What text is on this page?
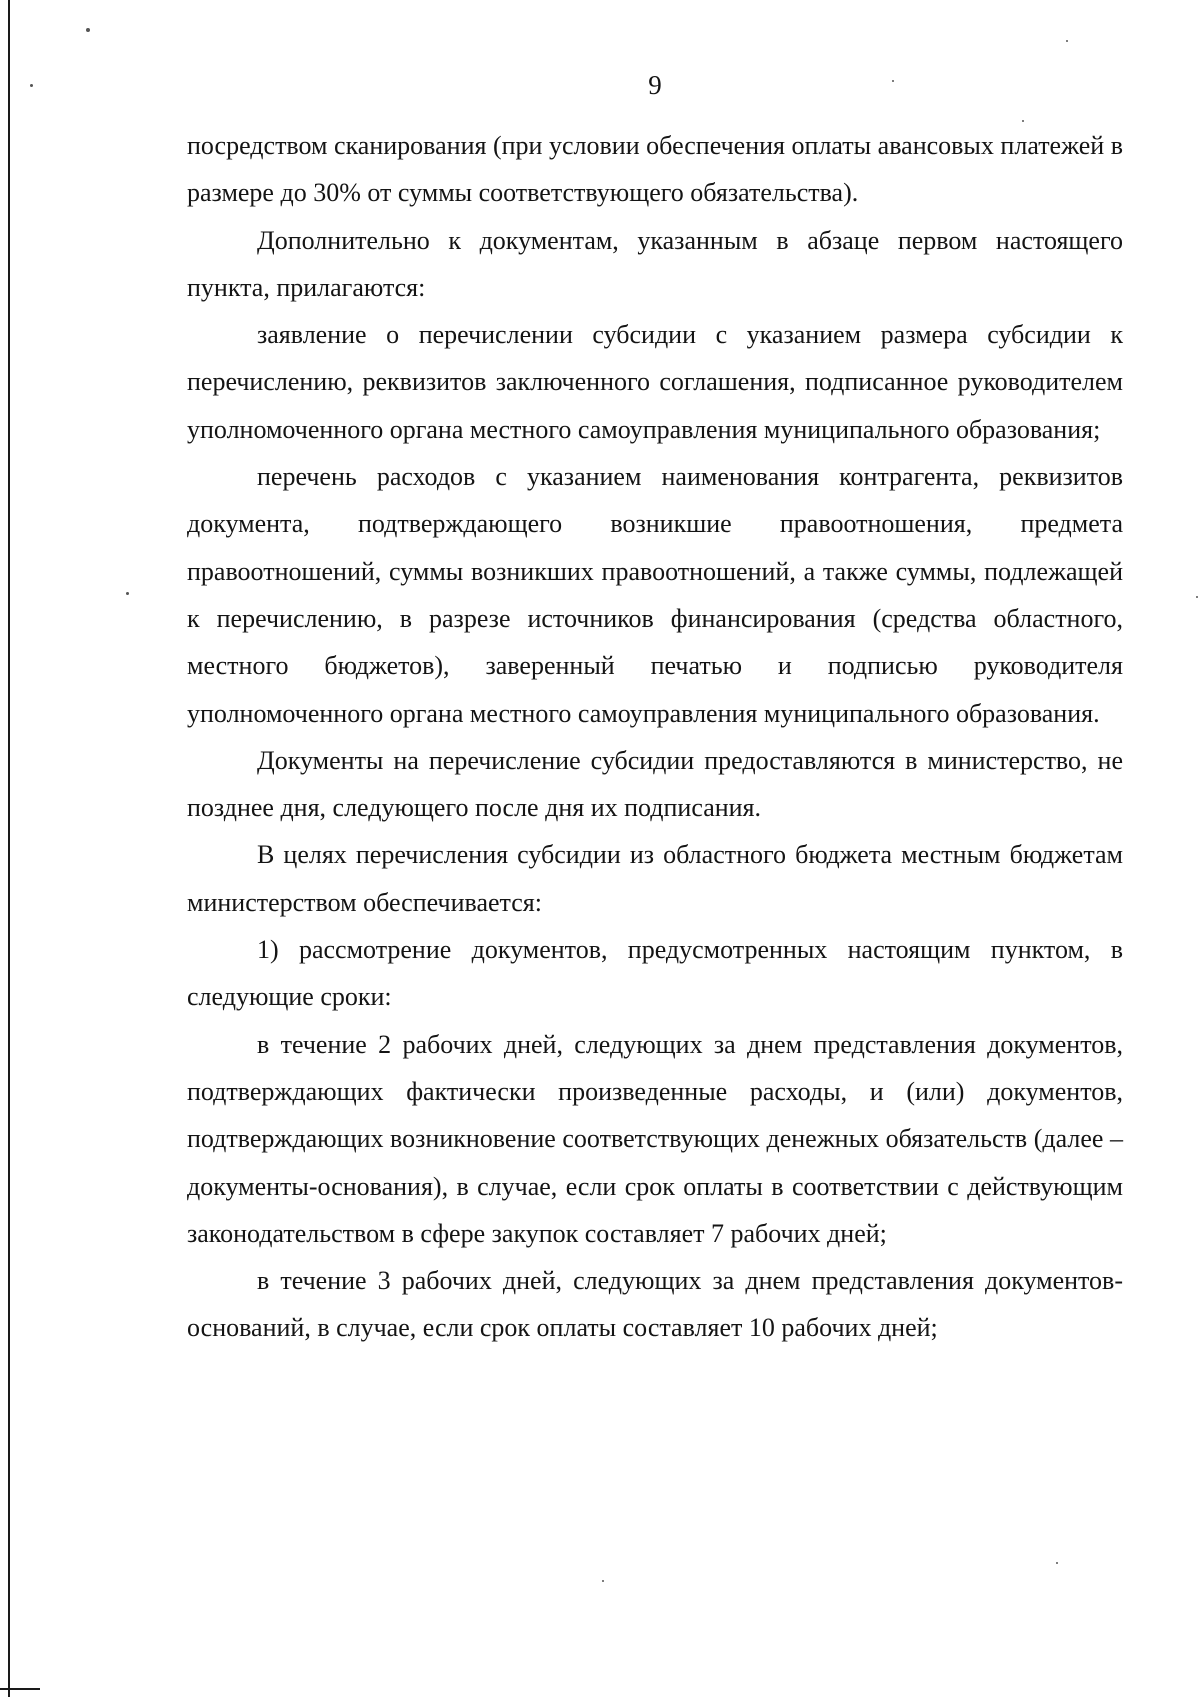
9

посредством сканирования (при условии обеспечения оплаты авансовых платежей в размере до 30% от суммы соответствующего обязательства).

Дополнительно к документам, указанным в абзаце первом настоящего пункта, прилагаются:

заявление о перечислении субсидии с указанием размера субсидии к перечислению, реквизитов заключенного соглашения, подписанное руководителем уполномоченного органа местного самоуправления муниципального образования;

перечень расходов с указанием наименования контрагента, реквизитов документа, подтверждающего возникшие правоотношения, предмета правоотношений, суммы возникших правоотношений, а также суммы, подлежащей к перечислению, в разрезе источников финансирования (средства областного, местного бюджетов), заверенный печатью и подписью руководителя уполномоченного органа местного самоуправления муниципального образования.

Документы на перечисление субсидии предоставляются в министерство, не позднее дня, следующего после дня их подписания.

В целях перечисления субсидии из областного бюджета местным бюджетам министерством обеспечивается:

1) рассмотрение документов, предусмотренных настоящим пунктом, в следующие сроки:

в течение 2 рабочих дней, следующих за днем представления документов, подтверждающих фактически произведенные расходы, и (или) документов, подтверждающих возникновение соответствующих денежных обязательств (далее – документы-основания), в случае, если срок оплаты в соответствии с действующим законодательством в сфере закупок составляет 7 рабочих дней;

в течение 3 рабочих дней, следующих за днем представления документов-оснований, в случае, если срок оплаты составляет 10 рабочих дней;
